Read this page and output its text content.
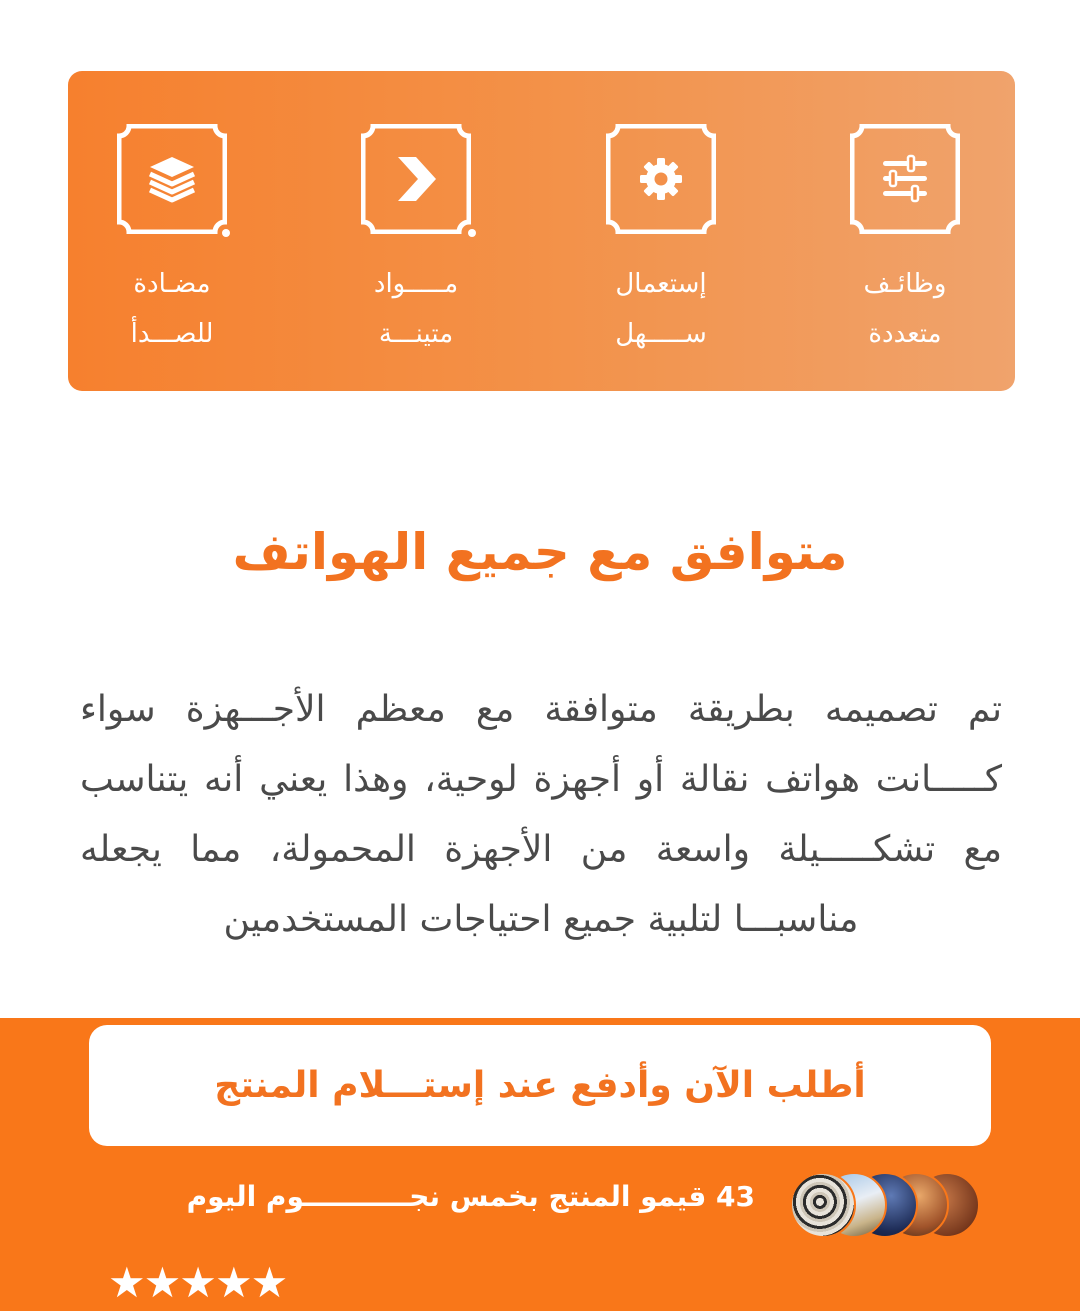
وظائـف
متعددة
إستعمال
ســـــهل
مـــــواد
متينـــة
مضـادة
للصـــدأ
متوافق مع جميع الهواتف

تم تصميمه بطريقة متوافقة مع معظم الأجـــهزة سواء كـــــانت هواتف نقالة أو أجهزة لوحية، وهذا يعني أنه يتناسب مع تشكـــــيلة واسعة من الأجهزة المحمولة، مما يجعله مناسبـــا لتلبية جميع احتياجات المستخدمين

أطلب الآن وأدفع عند إستـــلام المنتج
43 قيمو المنتج بخمس نجـــــــــــوم اليوم
★★★★★
